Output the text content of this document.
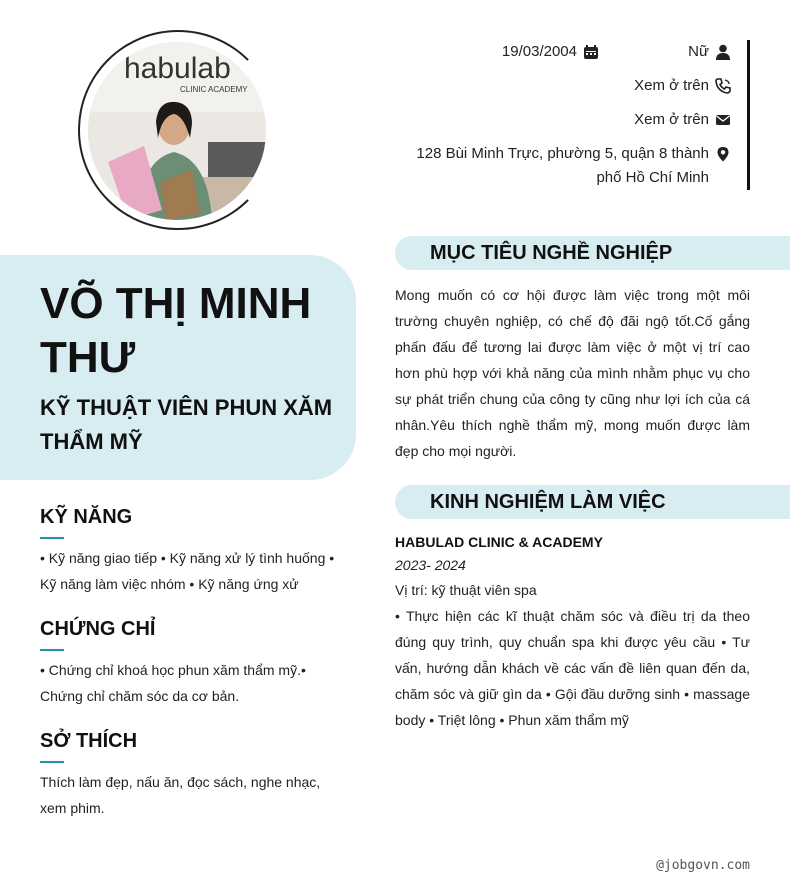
habulab
CLINIC ACADEMY
19/03/2004	Nữ
Xem ở trên
Xem ở trên
128 Bùi Minh Trực, phường 5, quận 8 thành phố Hồ Chí Minh
VÕ THỊ MINH THƯ
KỸ THUẬT VIÊN PHUN XĂM THẨM MỸ
KỸ NĂNG
• Kỹ năng giao tiếp • Kỹ năng xử lý tình huống • Kỹ năng làm việc nhóm • Kỹ năng ứng xử
CHỨNG CHỈ
• Chứng chỉ khoá học phun xăm thẩm mỹ.• Chứng chỉ chăm sóc da cơ bản.
SỞ THÍCH
Thích làm đẹp, nấu ăn, đọc sách, nghe nhạc, xem phim.
MỤC TIÊU NGHỀ NGHIỆP
Mong muốn có cơ hội được làm việc trong một môi trường chuyên nghiệp, có chế độ đãi ngộ tốt.Cố gắng phấn đấu để tương lai được làm việc ở một vị trí cao hơn phù hợp với khả năng của mình nhằm phục vụ cho sự phát triển chung của công ty cũng như lợi ích của cá nhân.Yêu thích nghề thẩm mỹ, mong muốn được làm đẹp cho mọi người.
KINH NGHIỆM LÀM VIỆC
HABULAD CLINIC & ACADEMY
2023- 2024
Vị trí: kỹ thuật viên spa
• Thực hiện các kĩ thuật chăm sóc và điều trị da theo đúng quy trình, quy chuẩn spa khi được yêu cầu • Tư vấn, hướng dẫn khách về các vấn đề liên quan đến da, chăm sóc và giữ gìn da • Gội đầu dưỡng sinh • massage body • Triệt lông • Phun xăm thẩm mỹ
@jobgovn.com
